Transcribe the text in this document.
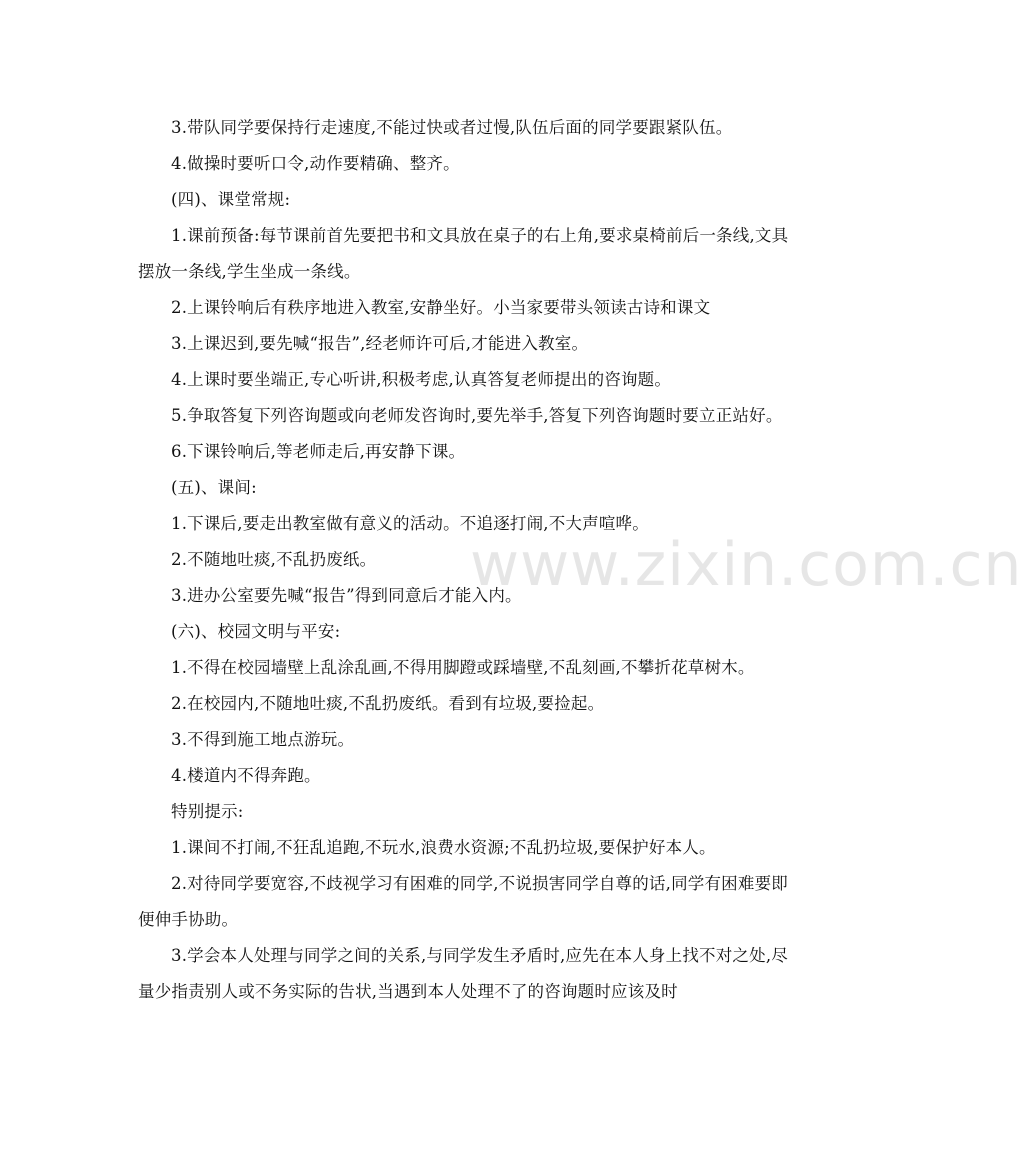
www.zixin.com.cn

3.带队同学要保持行走速度,不能过快或者过慢,队伍后面的同学要跟紧队伍。

4.做操时要听口令,动作要精确、整齐。

(四)、课堂常规:

1.课前预备:每节课前首先要把书和文具放在桌子的右上角,要求桌椅前后一条线,文具摆放一条线,学生坐成一条线。

2.上课铃响后有秩序地进入教室,安静坐好。小当家要带头领读古诗和课文

3.上课迟到,要先喊“报告”,经老师许可后,才能进入教室。

4.上课时要坐端正,专心听讲,积极考虑,认真答复老师提出的咨询题。

5.争取答复下列咨询题或向老师发咨询时,要先举手,答复下列咨询题时要立正站好。

6.下课铃响后,等老师走后,再安静下课。

(五)、课间:

1.下课后,要走出教室做有意义的活动。不追逐打闹,不大声喧哗。

2.不随地吐痰,不乱扔废纸。

3.进办公室要先喊“报告”得到同意后才能入内。

(六)、校园文明与平安:

1.不得在校园墙壁上乱涂乱画,不得用脚蹬或踩墙壁,不乱刻画,不攀折花草树木。

2.在校园内,不随地吐痰,不乱扔废纸。看到有垃圾,要捡起。

3.不得到施工地点游玩。

4.楼道内不得奔跑。

特别提示:

1.课间不打闹,不狂乱追跑,不玩水,浪费水资源;不乱扔垃圾,要保护好本人。

2.对待同学要宽容,不歧视学习有困难的同学,不说损害同学自尊的话,同学有困难要即便伸手协助。

3.学会本人处理与同学之间的关系,与同学发生矛盾时,应先在本人身上找不对之处,尽量少指责别人或不务实际的告状,当遇到本人处理不了的咨询题时应该及时
